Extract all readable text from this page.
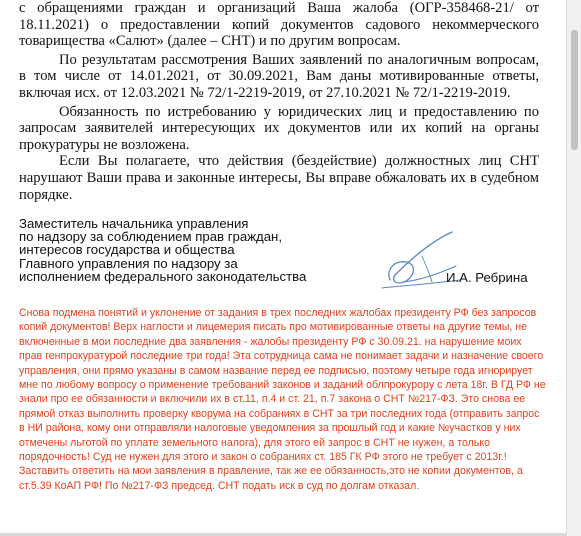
с обращениями граждан и организаций Ваша жалоба (ОГР-358468-21/ от 18.11.2021) о предоставлении копий документов садового некоммерческого товарищества «Салют» (далее – СНТ) и по другим вопросам.

По результатам рассмотрения Ваших заявлений по аналогичным вопросам, в том числе от 14.01.2021, от 30.09.2021, Вам даны мотивированные ответы, включая исх. от 12.03.2021 № 72/1-2219-2019, от 27.10.2021 № 72/1-2219-2019.

Обязанность по истребованию у юридических лиц и предоставлению по запросам заявителей интересующих их документов или их копий на органы прокуратуры не возложена.

Если Вы полагаете, что действия (бездействие) должностных лиц СНТ нарушают Ваши права и законные интересы, Вы вправе обжаловать их в судебном порядке.

Заместитель начальника управления
по надзору за соблюдением прав граждан,
интересов государства и общества
Главного управления по надзору за
исполнением федерального законодательства	И.А. Ребрина

Снова подмена понятий и уклонение от задания в трех последних жалобах президенту РФ без запросов копий документов! Верх наглости и лицемерия писать про мотивированные ответы на другие темы, не включенные в мои последние два заявления - жалобы президенту РФ с 30.09.21. на нарушение моих прав генпрокуратурой последние три года! Эта сотрудница сама не понимает задачи и назначение своего управления, они прямо указаны в самом название перед ее подписью, поэтому четыре года игнорирует мне по любому вопросу о применение требований законов и заданий облпрокурору с лета 18г. В ГД РФ не знали про ее обязанности и включили их в ст.11, п.4 и ст. 21, п.7 закона о СНТ №217-ФЗ. Это снова ее прямой отказ выполнить проверку кворума на собраниях в СНТ за три последних года (отправить запрос в НИ района, кому они отправляли налоговые уведомления за прошлый год и какие №участков у них отмечены льготой по уплате земельного налога), для этого ей запрос в СНТ не нужен, а только порядочность! Суд не нужен для этого и закон о собраниях ст. 185 ГК РФ этого не требует с 2013г.! Заставить ответить на мои заявления в правление, так же ее обязанность,это не копии документов, а ст.5.39 КоАП РФ! По №217-ФЗ председ. СНТ подать иск в суд по долгам отказал.
